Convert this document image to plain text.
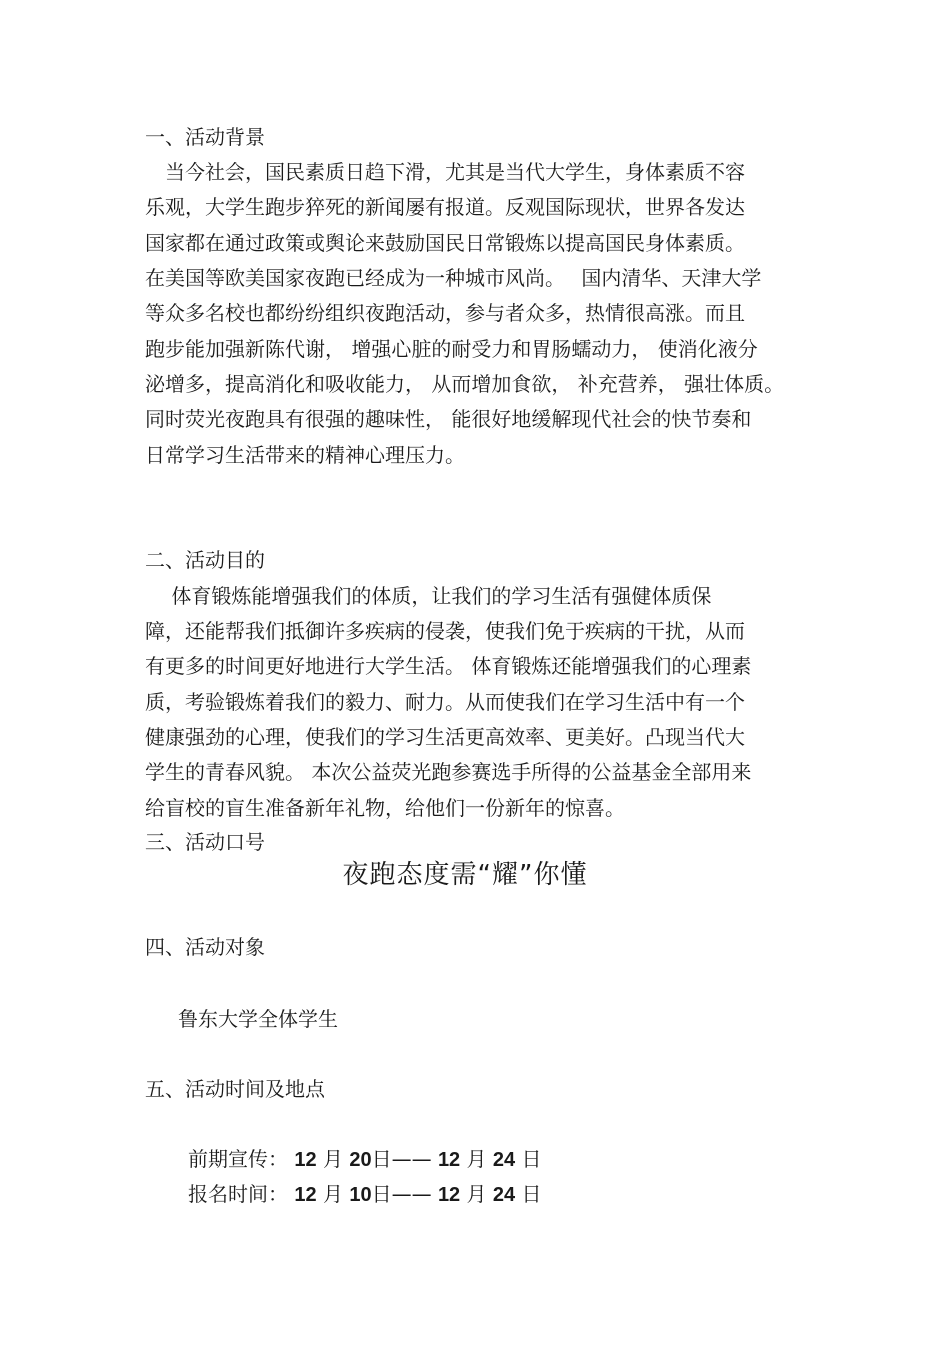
一、活动背景
　当今社会，国民素质日趋下滑，尤其是当代大学生，身体素质不容
乐观，大学生跑步猝死的新闻屡有报道。反观国际现状，世界各发达
国家都在通过政策或舆论来鼓励国民日常锻炼以提高国民身体素质。
在美国等欧美国家夜跑已经成为一种城市风尚。　 国内清华、天津大学
等众多名校也都纷纷组织夜跑活动，参与者众多，热情很高涨。而且
跑步能加强新陈代谢， 增强心脏的耐受力和胃肠蠕动力， 使消化液分
泌增多，提高消化和吸收能力， 从而增加食欲， 补充营养， 强壮体质。
同时荧光夜跑具有很强的趣味性， 能很好地缓解现代社会的快节奏和
日常学习生活带来的精神心理压力。
二、活动目的
　 体育锻炼能增强我们的体质，让我们的学习生活有强健体质保
障，还能帮我们抵御许多疾病的侵袭，使我们免于疾病的干扰，从而
有更多的时间更好地进行大学生活。 体育锻炼还能增强我们的心理素
质，考验锻炼着我们的毅力、耐力。从而使我们在学习生活中有一个
健康强劲的心理，使我们的学习生活更高效率、更美好。凸现当代大
学生的青春风貌。 本次公益荧光跑参赛选手所得的公益基金全部用来
给盲校的盲生准备新年礼物，给他们一份新年的惊喜。
三、活动口号
夜跑态度需“耀”你懂
四、活动对象
鲁东大学全体学生
五、活动时间及地点
前期宣传： 12 月 20日—— 12 月 24 日
报名时间： 12 月 10日—— 12 月 24 日
